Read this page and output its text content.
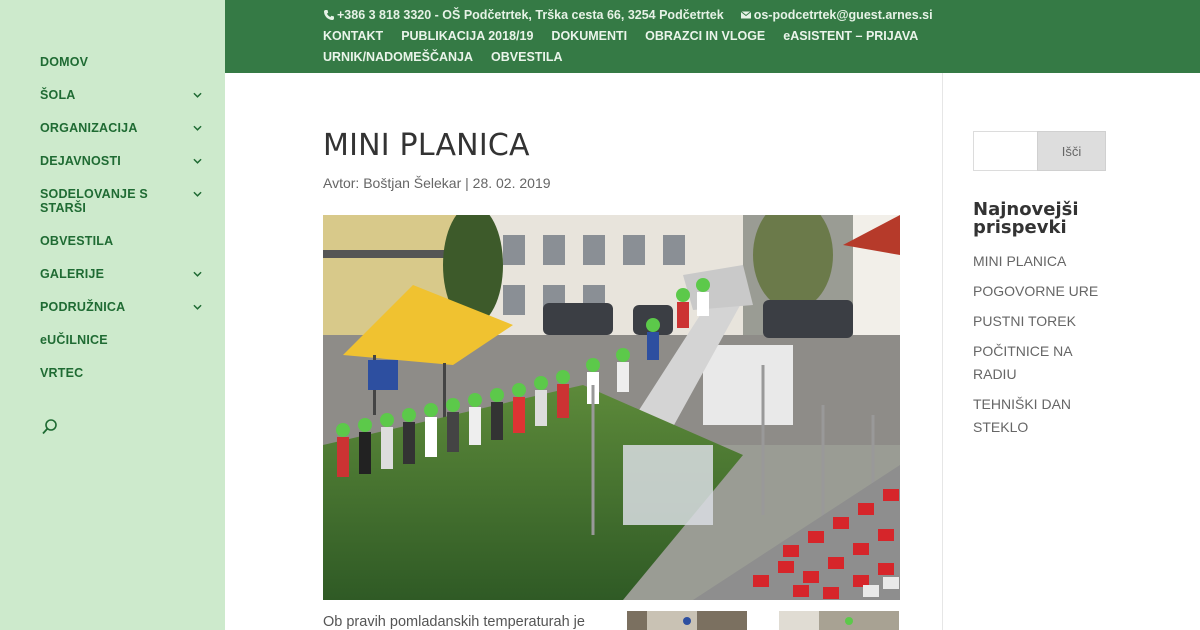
DOMOV
ŠOLA
ORGANIZACIJA
DEJAVNOSTI
SODELOVANJE S STARŠI
OBVESTILA
GALERIJE
PODRUŽNICA
eUČILNICE
VRTEC
+386 3 818 3320 - OŠ Podčetrtek, Trška cesta 66, 3254 Podčetrtek os-podcetrtek@guest.arnes.si
KONTAKT PUBLIKACIJA 2018/19 DOKUMENTI OBRAZCI IN VLOGE eASISTENT – PRIJAVA
URNIK/NADOMEŠČANJA OBVESTILA
MINI PLANICA
Avtor: Boštjan Šelekar | 28. 02. 2019

Ob pravih pomladanskih temperaturah je

Išči
Najnovejši prispevki
MINI PLANICA
POGOVORNE URE
PUSTNI TOREK
POČITNICE NA RADIU
TEHNIŠKI DAN STEKLO
